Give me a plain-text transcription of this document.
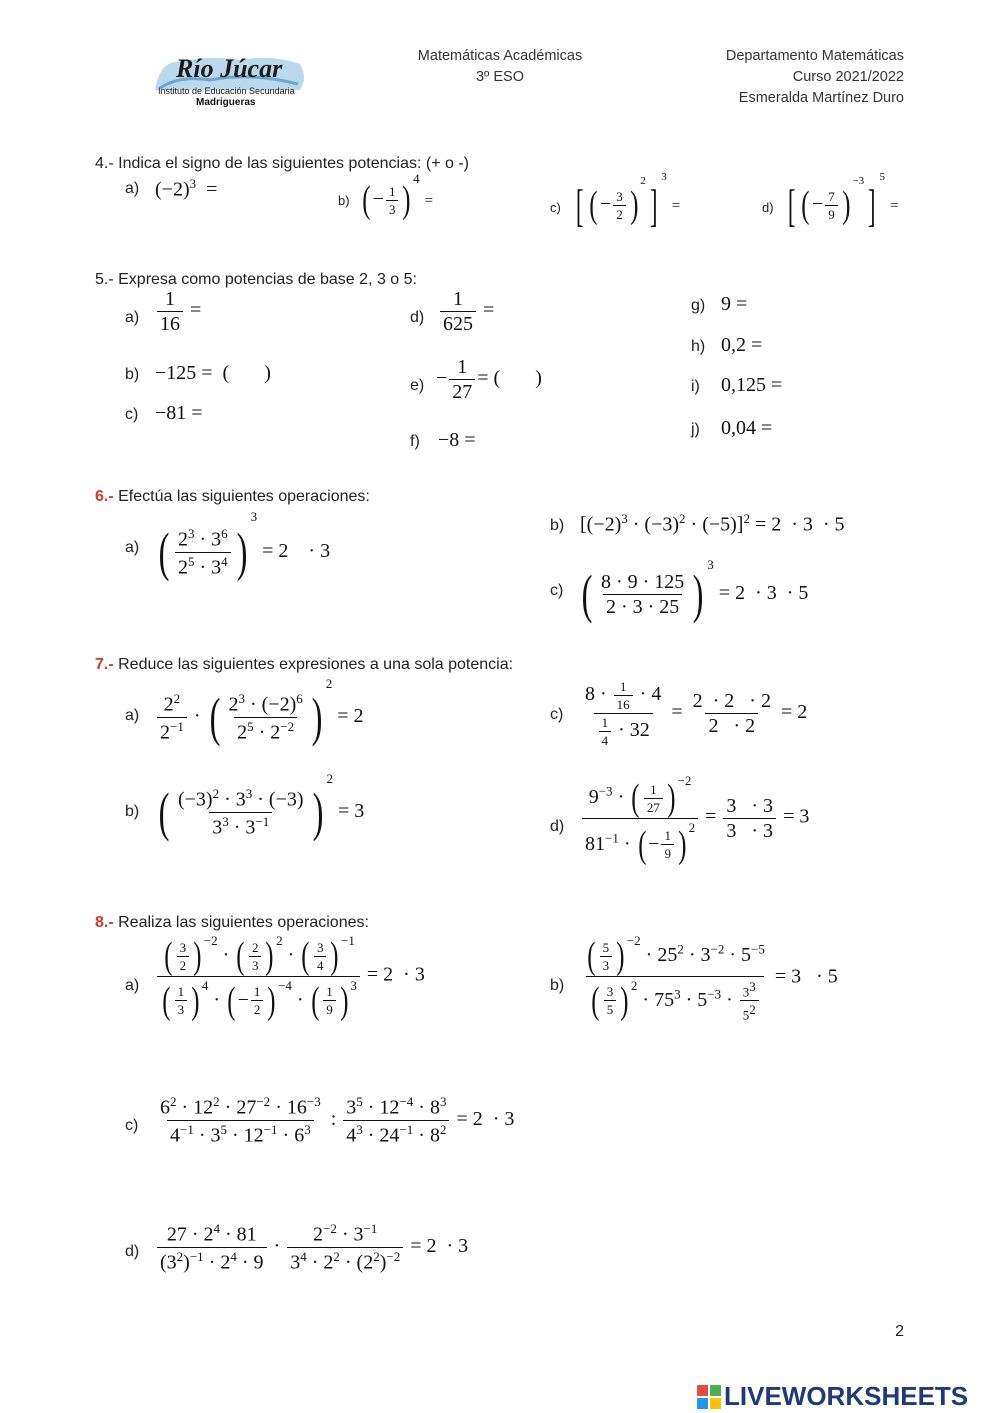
Río Júcar
Instituto de Educación Secundaria
Madrigueras
Matemáticas Académicas
3º ESO
Departamento Matemáticas
Curso 2021/2022
Esmeralda Martínez Duro
4.- Indica el signo de las siguientes potencias: (+ o -)
a) $(-2)^3$  =	b) ( − $\frac{1}{3} )^4$ =	c) [ ( − $\frac{3}{2} )^2]^3$ =	d) [ ( − $\frac{7}{9} )^{-3}]^5$ =
5.- Expresa como potencias de base 2, 3 o 5:
$a) \frac{1}{16}$ =
b) −125 =  (       )
c) −81 =
$d) \frac{1}{625}$ =
$e) - \frac{1}{27}$ = (       )
f) −8 =
g) 9 =
h) 0,2 =
i) 0,125 =
j) 0,04 =
6.- Efectúa las siguientes operaciones:
a) ( $\frac{2^3 \cdot 3^6}{2^5 \cdot 3^4} )^3 = 2$    · 3
b) $[(-2)^3 \cdot (-3)^2 \cdot (-5)]^2 = 2 \cdot 3 \cdot 5$
c) ( $\frac{8 \cdot 9 \cdot 125}{2 \cdot 3 \cdot 25}$ ) $^3$ = 2  · 3  · 5
7.- Reduce las siguientes expresiones a una sola potencia:
$a) \frac{2^2}{2^{-1}}$ · ( $\frac{2^3 \cdot (-2)^6}{2^5 \cdot 2^{-2}} )^2 = 2$
b) ( $\frac{(-3)^2 \cdot 3^3 \cdot (-3)}{3^3 \cdot 3^{-1}} )^2 = 3$
$c) \frac{8 \cdot \frac{1}{16} \cdot 4}{\frac{1}{4} \cdot 32} = \frac{2 \cdot 2 \cdot 2}{2 \cdot 2} = 2$
$d) \frac{9^{-3} \cdot ( \frac{1}{27} ) ^{-2}}{81^{-1} \cdot ( - \frac{1}{9} ) ^2} = \frac{3 \cdot 3}{3 \cdot 3} = 3$
8.- Realiza las siguientes operaciones:
$a) \frac{( \frac{3}{2} ) ^{-2} \cdot ( \frac{2}{3} ) ^2 \cdot ( \frac{3}{4} ) ^{-1}}{( \frac{1}{3} ) ^4 \cdot ( - \frac{1}{2} ) ^{-4} \cdot ( \frac{1}{9} ) ^3} = 2 \cdot 3$	$b) \frac{( \frac{5}{3} ) ^{-2} \cdot 25^2 \cdot 3^{-2} \cdot 5^{-5}}{( \frac{3}{5} ) ^2 \cdot 75^3 \cdot 5^{-3} \cdot \frac{3^3}{5^2}} = 3 \cdot 5$
$c) \frac{6^2 \cdot 12^2 \cdot 27^{-2} \cdot 16^{-3}}{4^{-1} \cdot 3^5 \cdot 12^{-1} \cdot 6^3}$ : $\frac{3^5 \cdot 12^{-4} \cdot 8^3}{4^3 \cdot 24^{-1} \cdot 8^2} = 2 \cdot 3$
$d) \frac{27 \cdot 2^4 \cdot 81}{(3^2)^{-1} \cdot 2^4 \cdot 9} \cdot \frac{2^{-2} \cdot 3^{-1}}{3^4 \cdot 2^2 \cdot (2^2)^{-2}} = 2 \cdot 3$
2
LIVEWORKSHEETS
